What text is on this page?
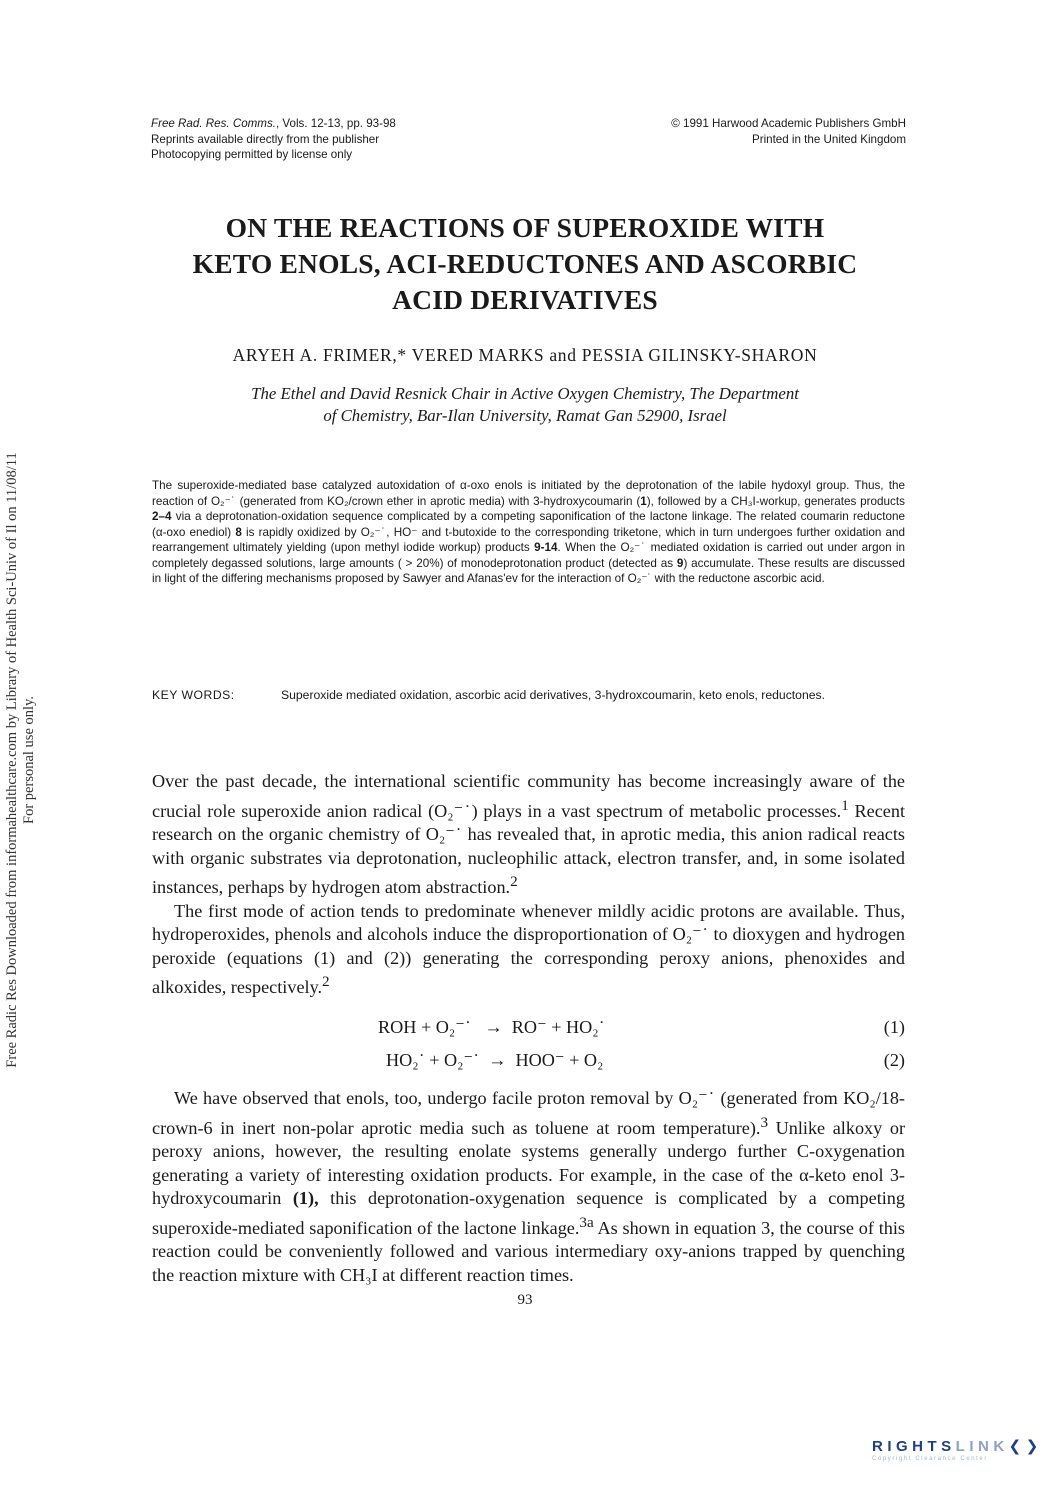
Free Radic Res Downloaded from informahealthcare.com by Library of Health Sci-Univ of Il on 11/08/11 For personal use only.
Free Rad. Res. Comms., Vols. 12-13, pp. 93-98
Reprints available directly from the publisher
Photocopying permitted by license only
© 1991 Harwood Academic Publishers GmbH
Printed in the United Kingdom
ON THE REACTIONS OF SUPEROXIDE WITH
KETO ENOLS, ACI-REDUCTONES AND ASCORBIC
ACID DERIVATIVES
ARYEH A. FRIMER,* VERED MARKS and PESSIA GILINSKY-SHARON
The Ethel and David Resnick Chair in Active Oxygen Chemistry, The Department
of Chemistry, Bar-Ilan University, Ramat Gan 52900, Israel
The superoxide-mediated base catalyzed autoxidation of α-oxo enols is initiated by the deprotonation of the labile hydoxyl group. Thus, the reaction of O₂⁻˙ (generated from KO₂/crown ether in aprotic media) with 3-hydroxycoumarin (1), followed by a CH₃I-workup, generates products 2–4 via a deprotonation-oxidation sequence complicated by a competing saponification of the lactone linkage. The related coumarin reductone (α-oxo enediol) 8 is rapidly oxidized by O₂⁻˙, HO⁻ and t-butoxide to the corresponding triketone, which in turn undergoes further oxidation and rearrangement ultimately yielding (upon methyl iodide workup) products 9-14. When the O₂⁻˙ mediated oxidation is carried out under argon in completely degassed solutions, large amounts ( > 20%) of monodeprotonation product (detected as 9) accumulate. These results are discussed in light of the differing mechanisms proposed by Sawyer and Afanas'ev for the interaction of O₂⁻˙ with the reductone ascorbic acid.
KEY WORDS:	Superoxide mediated oxidation, ascorbic acid derivatives, 3-hydroxcoumarin, keto enols, reductones.

Over the past decade, the international scientific community has become increasingly aware of the crucial role superoxide anion radical (O₂⁻˙) plays in a vast spectrum of metabolic processes.$^1$ Recent research on the organic chemistry of O₂⁻˙ has revealed that, in aprotic media, this anion radical reacts with organic substrates via deprotonation, nucleophilic attack, electron transfer, and, in some isolated instances, perhaps by hydrogen atom abstraction.$^2$

The first mode of action tends to predominate whenever mildly acidic protons are available. Thus, hydroperoxides, phenols and alcohols induce the disproportionation of O₂⁻˙ to dioxygen and hydrogen peroxide (equations (1) and (2)) generating the corresponding peroxy anions, phenoxides and alkoxides, respectively.$^2$

ROH + O₂⁻˙   →  RO⁻ + HO₂˙	(1)
HO₂˙ + O₂⁻˙  →  HOO⁻ + O₂	(2)

We have observed that enols, too, undergo facile proton removal by O₂⁻˙ (generated from KO₂/18-crown-6 in inert non-polar aprotic media such as toluene at room temperature).$^3$ Unlike alkoxy or peroxy anions, however, the resulting enolate systems generally undergo further C-oxygenation generating a variety of interesting oxidation products. For example, in the case of the α-keto enol 3-hydroxycoumarin (1), this deprotonation-oxygenation sequence is complicated by a competing superoxide-mediated saponification of the lactone linkage.$^{3a}$ As shown in equation 3, the course of this reaction could be conveniently followed and various intermediary oxy-anions trapped by quenching the reaction mixture with CH₃I at different reaction times.

93
RIGHTSLINK❮❯
Copyright Clearance Center
